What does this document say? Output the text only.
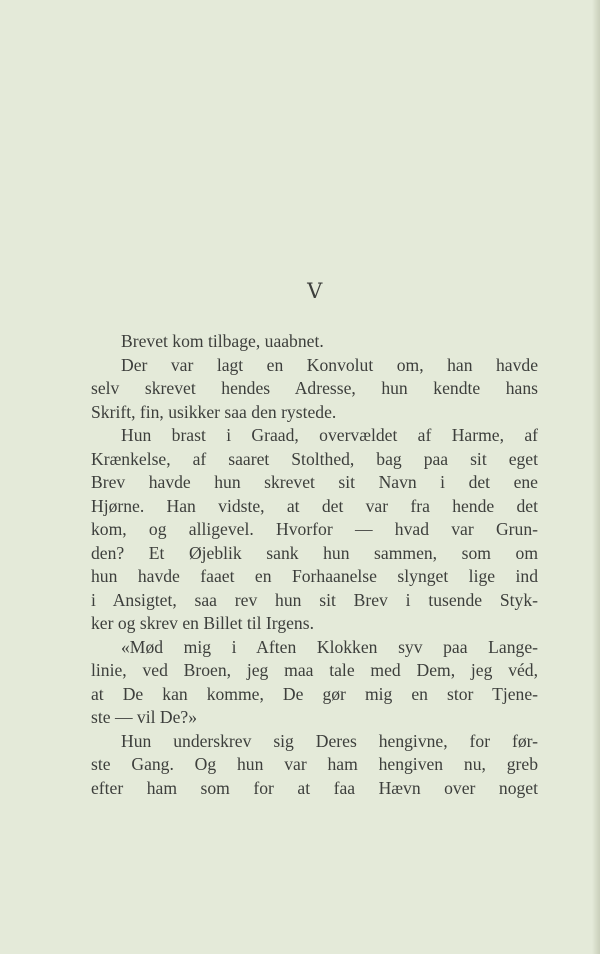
V
Brevet kom tilbage, uaabnet.
Der var lagt en Konvolut om, han havde
selv skrevet hendes Adresse, hun kendte hans
Skrift, fin, usikker saa den rystede.
Hun brast i Graad, overvældet af Harme, af
Krænkelse, af saaret Stolthed, bag paa sit eget
Brev havde hun skrevet sit Navn i det ene
Hjørne. Han vidste, at det var fra hende det
kom, og alligevel. Hvorfor — hvad var Grun-
den? Et Øjeblik sank hun sammen, som om
hun havde faaet en Forhaanelse slynget lige ind
i Ansigtet, saa rev hun sit Brev i tusende Styk-
ker og skrev en Billet til Irgens.
«Mød mig i Aften Klokken syv paa Lange-
linie, ved Broen, jeg maa tale med Dem, jeg véd,
at De kan komme, De gør mig en stor Tjene-
ste — vil De?»
Hun underskrev sig Deres hengivne, for før-
ste Gang. Og hun var ham hengiven nu, greb
efter ham som for at faa Hævn over noget
